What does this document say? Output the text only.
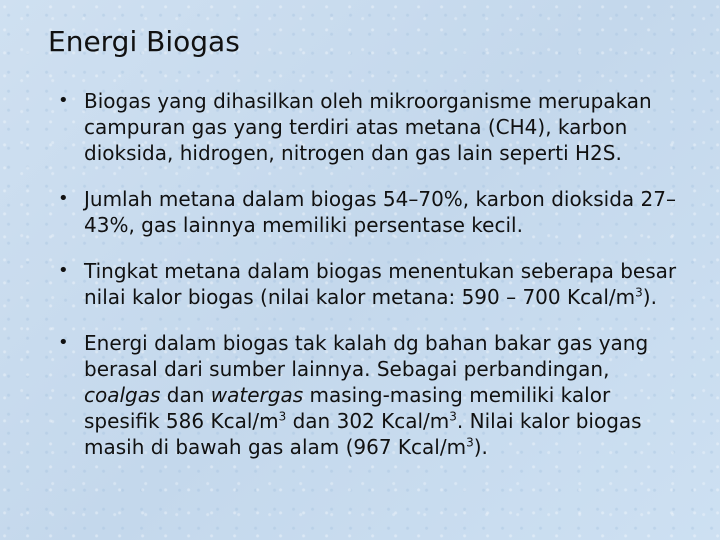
Energi Biogas
• Biogas yang dihasilkan oleh mikroorganisme merupakan campuran gas yang terdiri atas metana (CH4), karbon dioksida, hidrogen, nitrogen dan gas lain seperti H2S.
• Jumlah metana dalam biogas 54–70%, karbon dioksida 27–43%, gas lainnya memiliki persentase kecil.
• Tingkat metana dalam biogas menentukan seberapa besar nilai kalor biogas (nilai kalor metana: 590 – 700 Kcal/$m^3$).
• Energi dalam biogas tak kalah dg bahan bakar gas yang berasal dari sumber lainnya. Sebagai perbandingan, coalgas dan watergas masing-masing memiliki kalor spesifik 586 Kcal/$m^3$ dan 302 Kcal/$m^3$. Nilai kalor biogas masih di bawah gas alam (967 Kcal/$m^3$).
